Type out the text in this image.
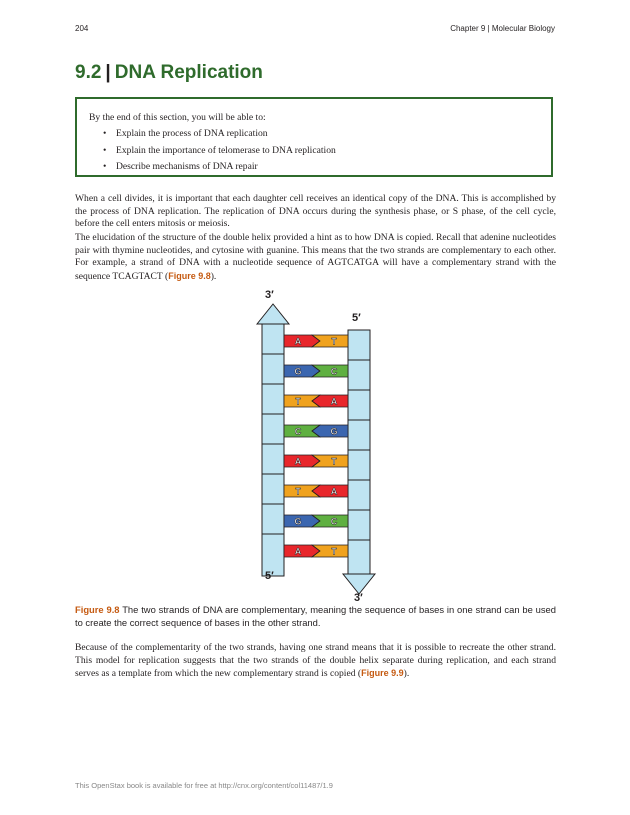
204	Chapter 9 | Molecular Biology
9.2 | DNA Replication

By the end of this section, you will be able to:

• Explain the process of DNA replication
• Explain the importance of telomerase to DNA replication
• Describe mechanisms of DNA repair

When a cell divides, it is important that each daughter cell receives an identical copy of the DNA. This is accomplished by the process of DNA replication. The replication of DNA occurs during the synthesis phase, or S phase, of the cell cycle, before the cell enters mitosis or meiosis.

The elucidation of the structure of the double helix provided a hint as to how DNA is copied. Recall that adenine nucleotides pair with thymine nucleotides, and cytosine with guanine. This means that the two strands are complementary to each other. For example, a strand of DNA with a nucleotide sequence of AGTCATGA will have a complementary strand with the sequence TCAGTACT (Figure 9.8).

A	T
G	C
T	A
C	G
A	T
T	A
G	C
A	T
3′
5′
5′
3′

Figure 9.8 The two strands of DNA are complementary, meaning the sequence of bases in one strand can be used to create the correct sequence of bases in the other strand.

Because of the complementarity of the two strands, having one strand means that it is possible to recreate the other strand. This model for replication suggests that the two strands of the double helix separate during replication, and each strand serves as a template from which the new complementary strand is copied (Figure 9.9).

This OpenStax book is available for free at http://cnx.org/content/col11487/1.9
